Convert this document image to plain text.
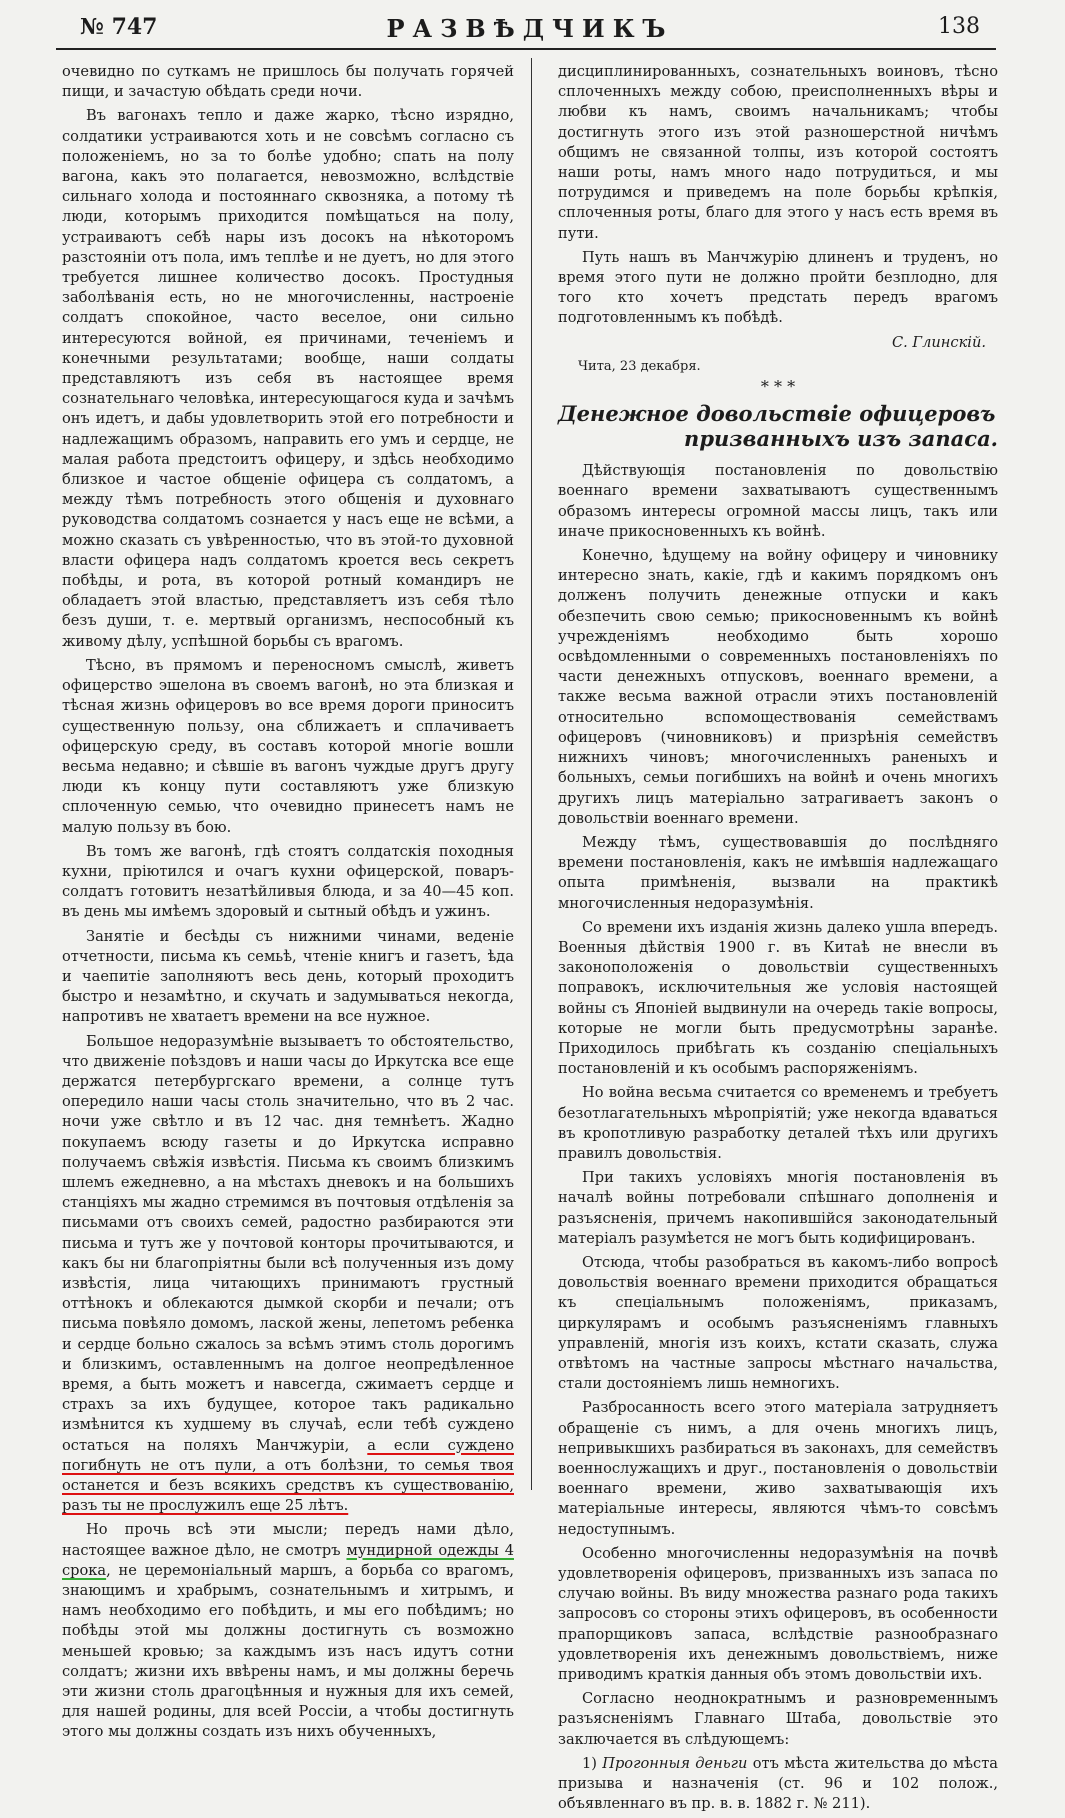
№ 747	РАЗВѢДЧИКЪ	138

очевидно по суткамъ не пришлось бы получать горячей пищи, и зачастую обѣдать среди ночи.

Въ вагонахъ тепло и даже жарко, тѣсно изрядно, солдатики устраиваются хоть и не совсѣмъ согласно съ положеніемъ, но за то болѣе удобно; спать на полу вагона, какъ это полагается, невозможно, вслѣдствіе сильнаго холода и постояннаго сквозняка, а потому тѣ люди, которымъ приходится помѣщаться на полу, устраиваютъ себѣ нары изъ досокъ на нѣкоторомъ разстояніи отъ пола, имъ теплѣе и не дуетъ, но для этого требуется лишнее количество досокъ. Простудныя заболѣванія есть, но не многочисленны, настроеніе солдатъ спокойное, часто веселое, они сильно интересуются войной, ея причинами, теченіемъ и конечными результатами; вообще, наши солдаты представляютъ изъ себя въ настоящее время сознательнаго человѣка, интересующагося куда и зачѣмъ онъ идетъ, и дабы удовлетворить этой его потребности и надлежащимъ образомъ, направить его умъ и сердце, не малая работа предстоитъ офицеру, и здѣсь необходимо близкое и частое общеніе офицера съ солдатомъ, а между тѣмъ потребность этого общенія и духовнаго руководства солдатомъ сознается у насъ еще не всѣми, а можно сказать съ увѣренностью, что въ этой-то духовной власти офицера надъ солдатомъ кроется весь секретъ побѣды, и рота, въ которой ротный командиръ не обладаетъ этой властью, представляетъ изъ себя тѣло безъ души, т. е. мертвый организмъ, неспособный къ живому дѣлу, успѣшной борьбы съ врагомъ.

Тѣсно, въ прямомъ и переносномъ смыслѣ, живетъ офицерство эшелона въ своемъ вагонѣ, но эта близкая и тѣсная жизнь офицеровъ во все время дороги приноситъ существенную пользу, она сближаетъ и сплачиваетъ офицерскую среду, въ составъ которой многіе вошли весьма недавно; и сѣвшіе въ вагонъ чуждые другъ другу люди къ концу пути составляютъ уже близкую сплоченную семью, что очевидно принесетъ намъ не малую пользу въ бою.

Въ томъ же вагонѣ, гдѣ стоятъ солдатскія походныя кухни, пріютился и очагъ кухни офицерской, поваръ-солдатъ готовитъ незатѣйливыя блюда, и за 40—45 коп. въ день мы имѣемъ здоровый и сытный обѣдъ и ужинъ.

Занятіе и бесѣды съ нижними чинами, веденіе отчетности, письма къ семьѣ, чтеніе книгъ и газетъ, ѣда и чаепитіе заполняютъ весь день, который проходитъ быстро и незамѣтно, и скучать и задумываться некогда, напротивъ не хватаетъ времени на все нужное.

Большое недоразумѣніе вызываетъ то обстоятельство, что движеніе поѣздовъ и наши часы до Иркутска все еще держатся петербургскаго времени, а солнце тутъ опередило наши часы столь значительно, что въ 2 час. ночи уже свѣтло и въ 12 час. дня темнѣетъ. Жадно покупаемъ всюду газеты и до Иркутска исправно получаемъ свѣжія извѣстія. Письма къ своимъ близкимъ шлемъ ежедневно, а на мѣстахъ дневокъ и на большихъ станціяхъ мы жадно стремимся въ почтовыя отдѣленія за письмами отъ своихъ семей, радостно разбираются эти письма и тутъ же у почтовой конторы прочитываются, и какъ бы ни благопріятны были всѣ полученныя изъ дому извѣстія, лица читающихъ принимаютъ грустный оттѣнокъ и облекаются дымкой скорби и печали; отъ письма повѣяло домомъ, лаской жены, лепетомъ ребенка и сердце больно сжалось за всѣмъ этимъ столь дорогимъ и близкимъ, оставленнымъ на долгое неопредѣленное время, а быть можетъ и навсегда, сжимаетъ сердце и страхъ за ихъ будущее, которое такъ радикально измѣнится къ худшему въ случаѣ, если тебѣ суждено остаться на поляхъ Манчжуріи, а если суждено погибнуть не отъ пули, а отъ болѣзни, то семья твоя останется и безъ всякихъ средствъ къ существованію, разъ ты не прослужилъ еще 25 лѣтъ.

Но прочь всѣ эти мысли; передъ нами дѣло, настоящее важное дѣло, не смотръ мундирной одежды 4 срока, не церемоніальный маршъ, а борьба со врагомъ, знающимъ и храбрымъ, сознательнымъ и хитрымъ, и намъ необходимо его побѣдить, и мы его побѣдимъ; но побѣды этой мы должны достигнуть съ возможно меньшей кровью; за каждымъ изъ насъ идутъ сотни солдатъ; жизни ихъ ввѣрены намъ, и мы должны беречь эти жизни столь драгоцѣнныя и нужныя для ихъ семей, для нашей родины, для всей Россіи, а чтобы достигнуть этого мы должны создать изъ нихъ обученныхъ,

дисциплинированныхъ, сознательныхъ воиновъ, тѣсно сплоченныхъ между собою, преисполненныхъ вѣры и любви къ намъ, своимъ начальникамъ; чтобы достигнуть этого изъ этой разношерстной ничѣмъ общимъ не связанной толпы, изъ которой состоятъ наши роты, намъ много надо потрудиться, и мы потрудимся и приведемъ на поле борьбы крѣпкія, сплоченныя роты, благо для этого у насъ есть время въ пути.

Путь нашъ въ Манчжурію длиненъ и труденъ, но время этого пути не должно пройти безплодно, для того кто хочетъ предстать передъ врагомъ подготовленнымъ къ побѣдѣ.

С. Глинскій.
Чита, 23 декабря.
* * *
Денежное довольствіе офицеровъ
призванныхъ изъ запаса.

Дѣйствующія постановленія по довольствію военнаго времени захватываютъ существеннымъ образомъ интересы огромной массы лицъ, такъ или иначе прикосновенныхъ къ войнѣ.

Конечно, ѣдущему на войну офицеру и чиновнику интересно знать, какіе, гдѣ и какимъ порядкомъ онъ долженъ получить денежные отпуски и какъ обезпечить свою семью; прикосновеннымъ къ войнѣ учрежденіямъ необходимо быть хорошо освѣдомленными о современныхъ постановленіяхъ по части денежныхъ отпусковъ, военнаго времени, а также весьма важной отрасли этихъ постановленій относительно вспомоществованія семействамъ офицеровъ (чиновниковъ) и призрѣнія семействъ нижнихъ чиновъ; многочисленныхъ раненыхъ и больныхъ, семьи погибшихъ на войнѣ и очень многихъ другихъ лицъ матеріально затрагиваетъ законъ о довольствіи военнаго времени.

Между тѣмъ, существовавшія до послѣдняго времени постановленія, какъ не имѣвшія надлежащаго опыта примѣненія, вызвали на практикѣ многочисленныя недоразумѣнія.

Со времени ихъ изданія жизнь далеко ушла впередъ. Военныя дѣйствія 1900 г. въ Китаѣ не внесли въ законоположенія о довольствіи существенныхъ поправокъ, исключительныя же условія настоящей войны съ Японіей выдвинули на очередь такіе вопросы, которые не могли быть предусмотрѣны заранѣе. Приходилось прибѣгать къ созданію спеціальныхъ постановленій и къ особымъ распоряженіямъ.

Но война весьма считается со временемъ и требуетъ безотлагательныхъ мѣропріятій; уже некогда вдаваться въ кропотливую разработку деталей тѣхъ или другихъ правилъ довольствія.

При такихъ условіяхъ многія постановленія въ началѣ войны потребовали спѣшнаго дополненія и разъясненія, причемъ накопившійся законодательный матеріалъ разумѣется не могъ быть кодифицированъ.

Отсюда, чтобы разобраться въ какомъ-либо вопросѣ довольствія военнаго времени приходится обращаться къ спеціальнымъ положеніямъ, приказамъ, циркулярамъ и особымъ разъясненіямъ главныхъ управленій, многія изъ коихъ, кстати сказать, служа отвѣтомъ на частные запросы мѣстнаго начальства, стали достояніемъ лишь немногихъ.

Разбросанность всего этого матеріала затрудняетъ обращеніе съ нимъ, а для очень многихъ лицъ, непривыкшихъ разбираться въ законахъ, для семействъ военнослужащихъ и друг., постановленія о довольствіи военнаго времени, живо захватывающія ихъ матеріальные интересы, являются чѣмъ-то совсѣмъ недоступнымъ.

Особенно многочисленны недоразумѣнія на почвѣ удовлетворенія офицеровъ, призванныхъ изъ запаса по случаю войны. Въ виду множества разнаго рода такихъ запросовъ со стороны этихъ офицеровъ, въ особенности прапорщиковъ запаса, вслѣдствіе разнообразнаго удовлетворенія ихъ денежнымъ довольствіемъ, ниже приводимъ краткія данныя объ этомъ довольствіи ихъ.

Согласно неоднократнымъ и разновременнымъ разъясненіямъ Главнаго Штаба, довольствіе это заключается въ слѣдующемъ:

1) Прогонныя деньги отъ мѣста жительства до мѣста призыва и назначенія (ст. 96 и 102 полож., объявленнаго въ пр. в. в. 1882 г. № 211).
